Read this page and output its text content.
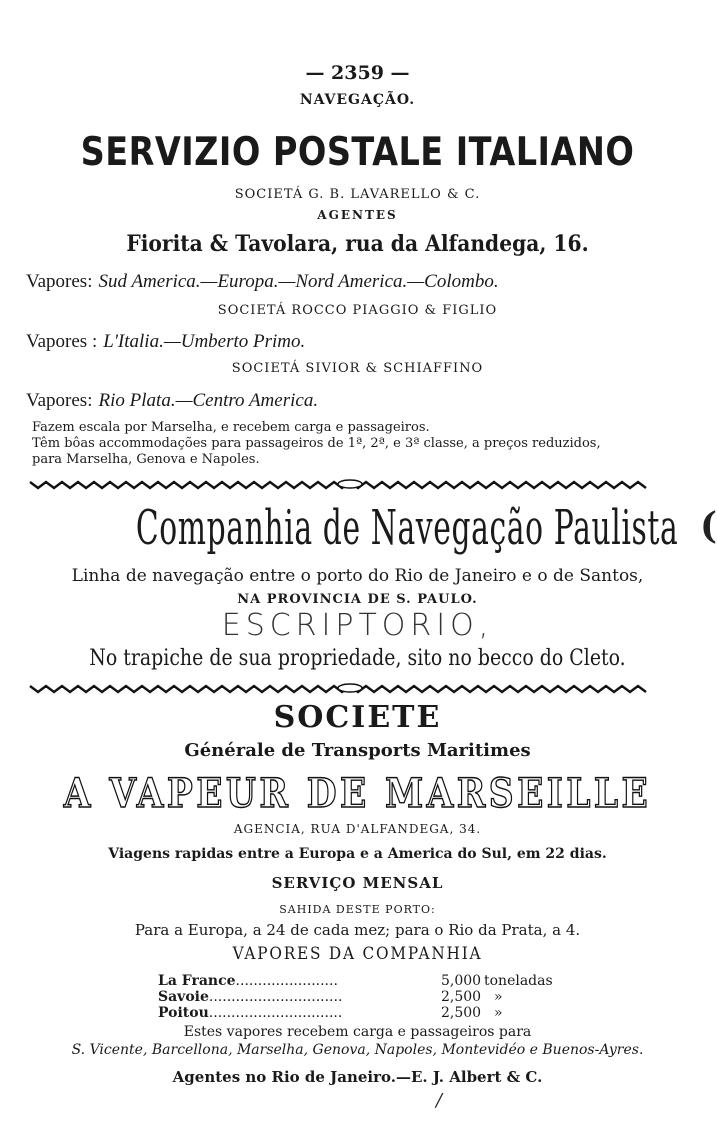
— 2359 —
NAVEGAÇÃO.
SERVIZIO POSTALE ITALIANO
SOCIETÁ G. B. LAVARELLO & C.
AGENTES
Fiorita & Tavolara, rua da Alfandega, 16.
Vapores: Sud America.—Europa.—Nord America.—Colombo.
SOCIETÁ ROCCO PIAGGIO & FIGLIO
Vapores : L'Italia.—Umberto Primo.
SOCIETÁ SIVIOR & SCHIAFFINO
Vapores: Rio Plata.—Centro America.
Fazem escala por Marselha, e recebem carga e passageiros.
Têm bôas accommodações para passageiros de 1ª, 2ª, e 3ª classe, a preços reduzidos,
para Marselha, Genova e Napoles.
Companhia de Navegação Paulista
Linha de navegação entre o porto do Rio de Janeiro e o de Santos,
NA PROVINCIA DE S. PAULO.
ESCRIPTORIO,
No trapiche de sua propriedade, sito no becco do Cleto.
SOCIETE
Générale de Transports Maritimes
A VAPEUR DE MARSEILLE
AGENCIA, RUA D'ALFANDEGA, 34.
Viagens rapidas entre a Europa e a America do Sul, em 22 dias.
SERVIÇO MENSAL
SAHIDA DESTE PORTO:
Para a Europa, a 24 de cada mez; para o Rio da Prata, a 4.
VAPORES DA COMPANHIA
La France.......................	5,000 toneladas
Savoie..............................	2,500 »
Poitou..............................	2,500 »
Estes vapores recebem carga e passageiros para
S. Vicente, Barcellona, Marselha, Genova, Napoles, Montevidéo e Buenos-Ayres.
Agentes no Rio de Janeiro.—E. J. Albert & C.
(
/
